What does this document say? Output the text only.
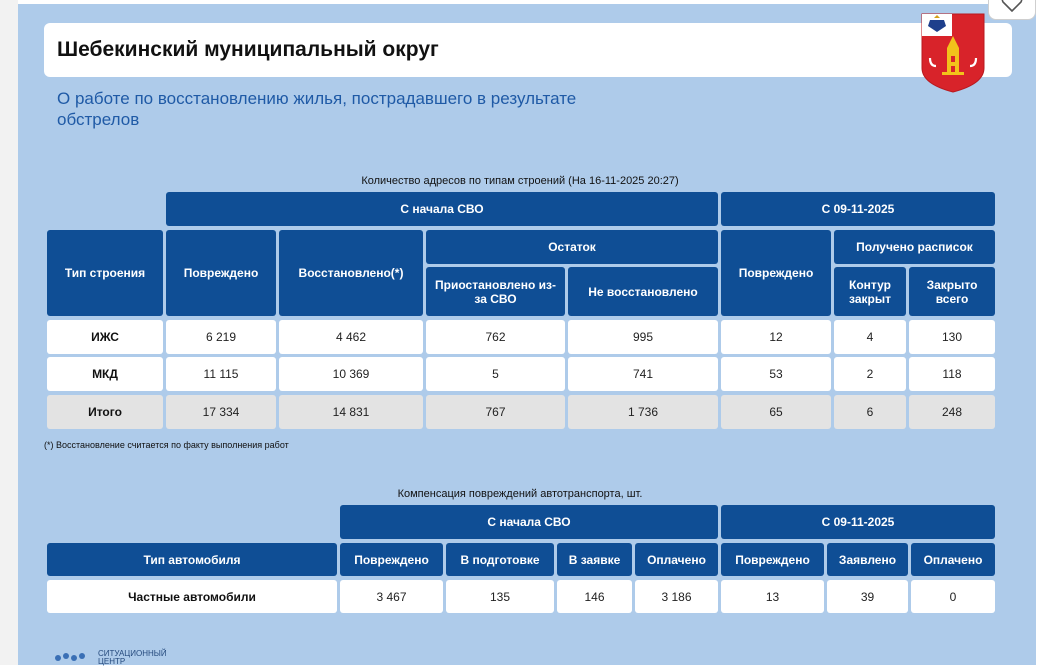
Шебекинский муниципальный округ
О работе по восстановлению жилья, пострадавшего в результате обстрелов
Количество адресов по типам строений (На 16-11-2025 20:27)
С начала СВО	С 09-11-2025
Тип строения	Повреждено	Восстановлено(*)
Остаток
Приостановлено из-за СВО	Не восстановлено
Повреждено
Получено расписок
Контур закрыт
Закрыто всего
ИЖС	6 219	4 462	762	995	12	4	130
МКД	11 115	10 369	5	741	53	2	118
Итого	17 334	14 831	767	1 736	65	6	248
(*) Восстановление считается по факту выполнения работ
Компенсация повреждений автотранспорта, шт.
С начала СВО	С 09-11-2025
Тип автомобиля	Повреждено	В подготовке	В заявке	Оплачено	Повреждено	Заявлено	Оплачено
Частные автомобили	3 467	135	146	3 186	13	39	0
СИТУАЦИОННЫЙ
ЦЕНТР
